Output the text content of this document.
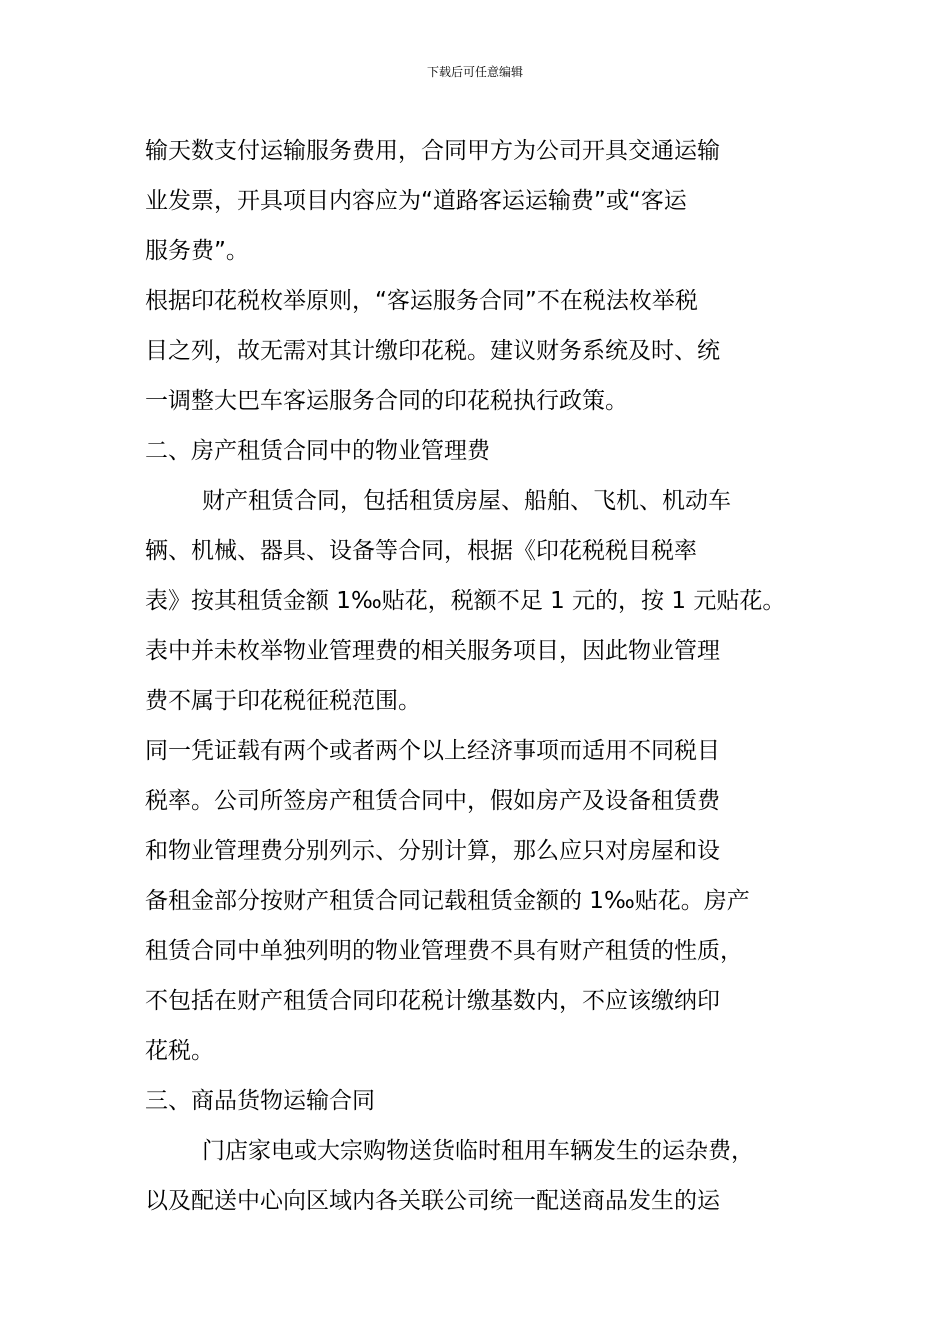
下载后可任意编辑
输天数支付运输服务费用，合同甲方为公司开具交通运输
业发票，开具项目内容应为“道路客运运输费”或“客运
服务费”。
根据印花税枚举原则，“客运服务合同”不在税法枚举税
目之列，故无需对其计缴印花税。建议财务系统及时、统
一调整大巴车客运服务合同的印花税执行政策。
二、房产租赁合同中的物业管理费
财产租赁合同，包括租赁房屋、船舶、飞机、机动车
辆、机械、器具、设备等合同，根据《印花税税目税率
表》按其租赁金额 1‰贴花，税额不足 1 元的，按 1 元贴花。
表中并未枚举物业管理费的相关服务项目，因此物业管理
费不属于印花税征税范围。
同一凭证载有两个或者两个以上经济事项而适用不同税目
税率。公司所签房产租赁合同中，假如房产及设备租赁费
和物业管理费分别列示、分别计算，那么应只对房屋和设
备租金部分按财产租赁合同记载租赁金额的 1‰贴花。房产
租赁合同中单独列明的物业管理费不具有财产租赁的性质，
不包括在财产租赁合同印花税计缴基数内，不应该缴纳印
花税。
三、商品货物运输合同
门店家电或大宗购物送货临时租用车辆发生的运杂费，
以及配送中心向区域内各关联公司统一配送商品发生的运
